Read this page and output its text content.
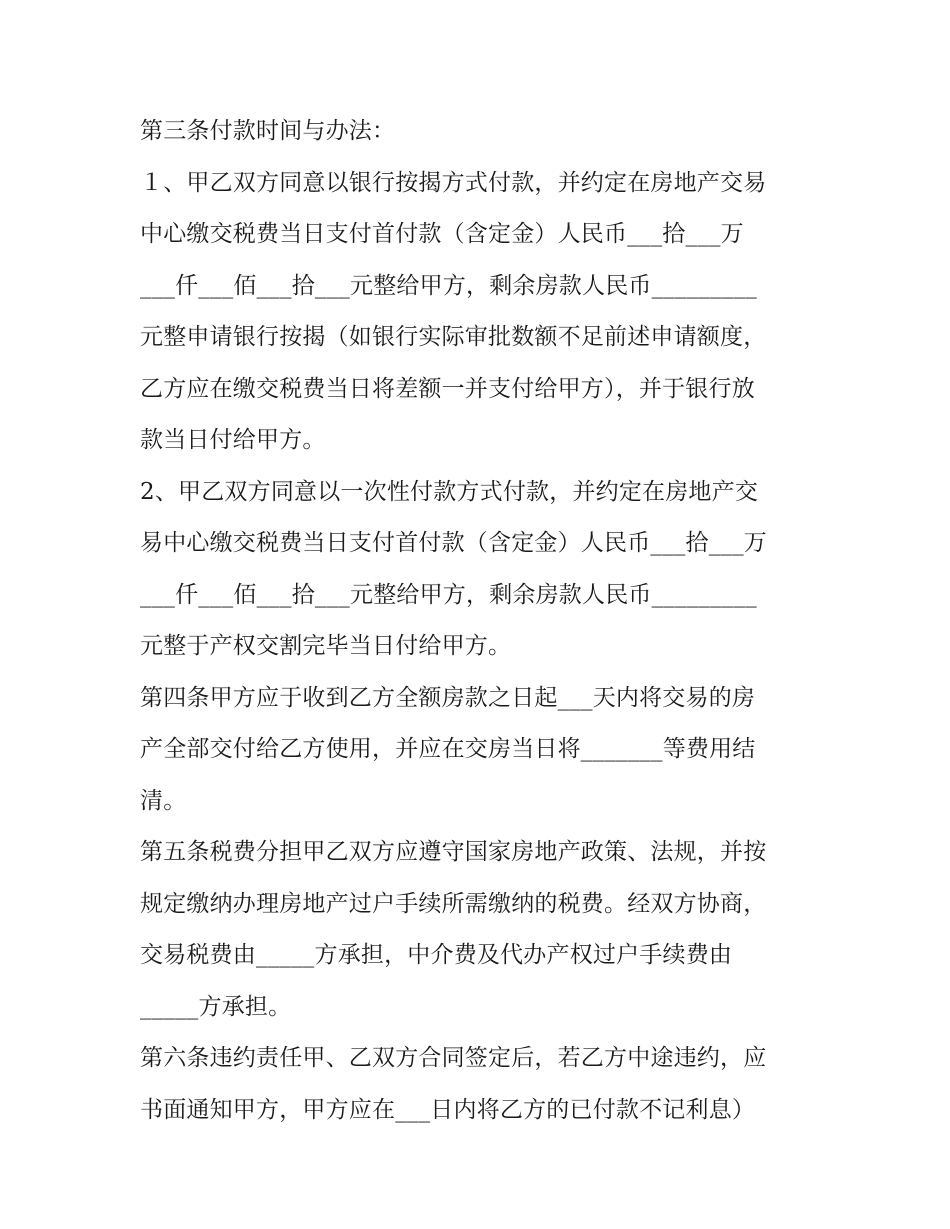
第三条付款时间与办法：
１、甲乙双方同意以银行按揭方式付款，并约定在房地产交易
中心缴交税费当日支付首付款（含定金）人民币___拾___万
___仟___佰___拾___元整给甲方，剩余房款人民币_________
元整申请银行按揭（如银行实际审批数额不足前述申请额度，
乙方应在缴交税费当日将差额一并支付给甲方），并于银行放
款当日付给甲方。
2、甲乙双方同意以一次性付款方式付款，并约定在房地产交
易中心缴交税费当日支付首付款（含定金）人民币___拾___万
___仟___佰___拾___元整给甲方，剩余房款人民币_________
元整于产权交割完毕当日付给甲方。
第四条甲方应于收到乙方全额房款之日起___天内将交易的房
产全部交付给乙方使用，并应在交房当日将_______等费用结
清。
第五条税费分担甲乙双方应遵守国家房地产政策、法规，并按
规定缴纳办理房地产过户手续所需缴纳的税费。经双方协商，
交易税费由_____方承担，中介费及代办产权过户手续费由
_____方承担。
第六条违约责任甲、乙双方合同签定后，若乙方中途违约，应
书面通知甲方，甲方应在___日内将乙方的已付款不记利息）
